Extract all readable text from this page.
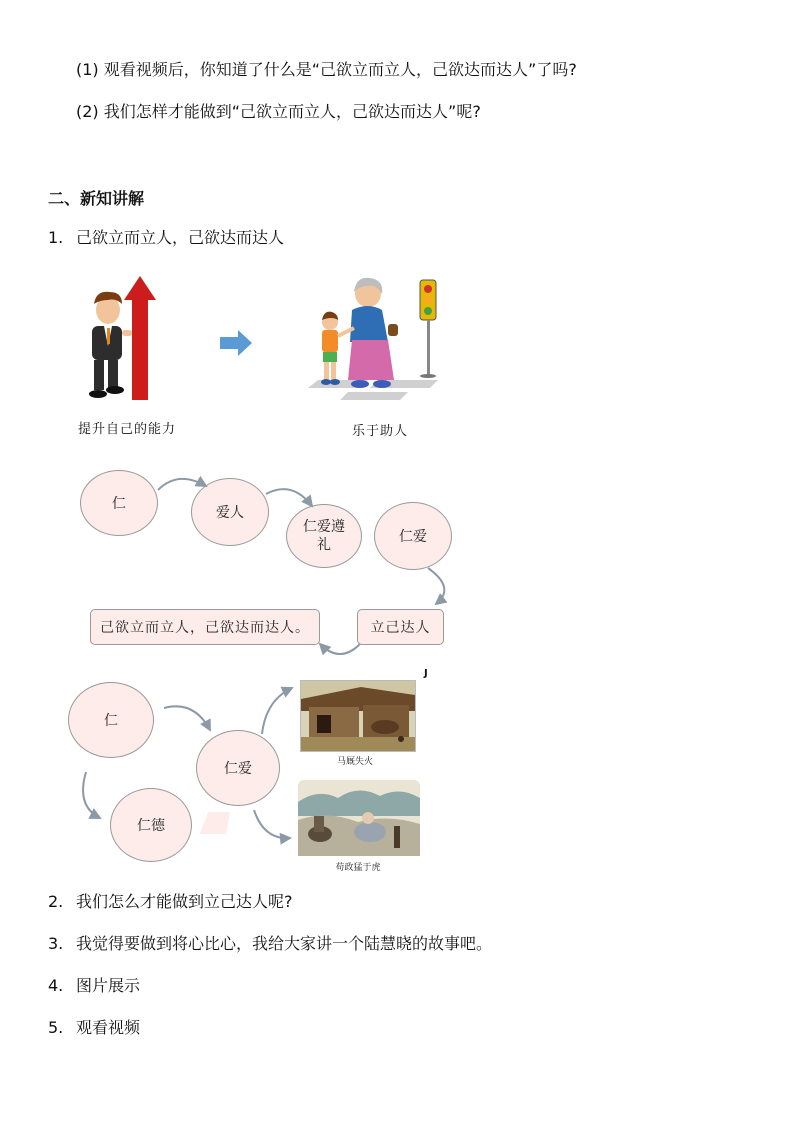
(1) 观看视频后，你知道了什么是“己欲立而立人，己欲达而达人”了吗?
(2) 我们怎样才能做到“己欲立而立人，己欲达而达人”呢?
二、新知讲解
1. 己欲立而立人，己欲达而达人
提升自己的能力	乐于助人
仁
爱人
仁爱遵礼	仁爱
立己达人
己欲立而立人，己欲达而达人。
仁
仁爱
仁德
马厩失火
J
苟政猛于虎
2. 我们怎么才能做到立己达人呢?
3. 我觉得要做到将心比心，我给大家讲一个陆慧晓的故事吧。
4. 图片展示
5. 观看视频
